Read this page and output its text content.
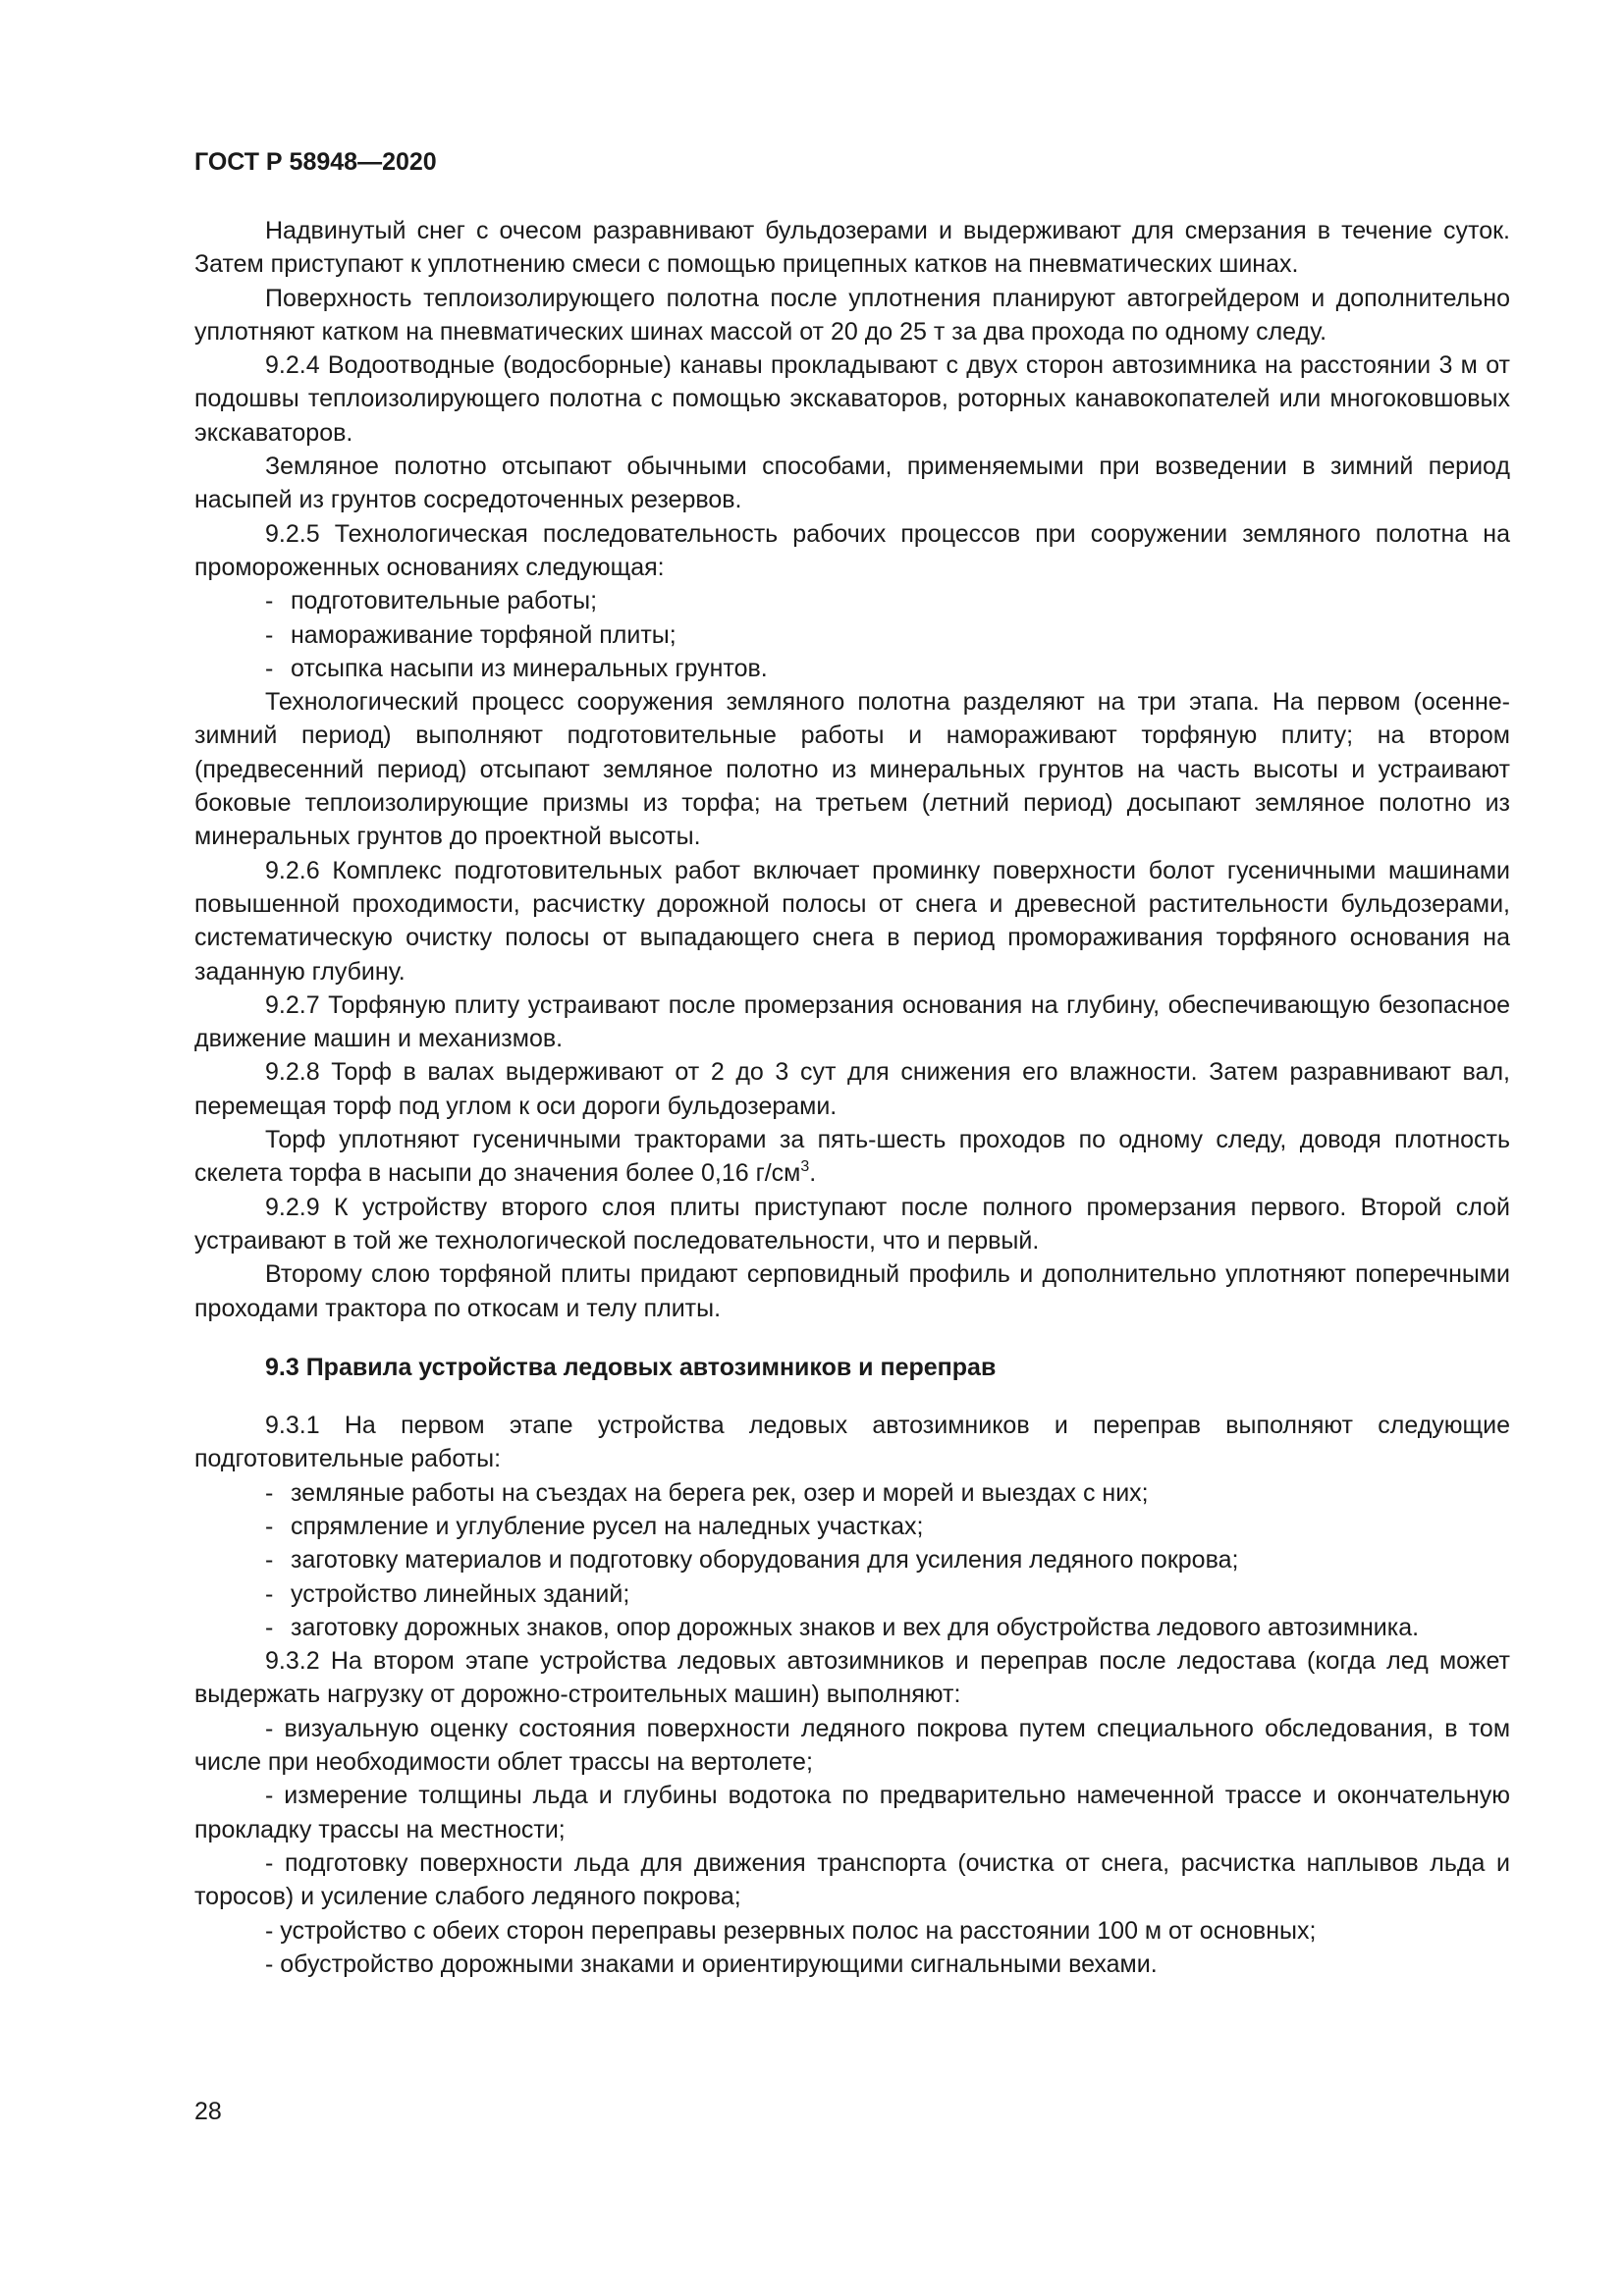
ГОСТ Р 58948—2020

Надвинутый снег с очесом разравнивают бульдозерами и выдерживают для смерзания в течение суток. Затем приступают к уплотнению смеси с помощью прицепных катков на пневматических шинах.

Поверхность теплоизолирующего полотна после уплотнения планируют автогрейдером и дополнительно уплотняют катком на пневматических шинах массой от 20 до 25 т за два прохода по одному следу.

9.2.4 Водоотводные (водосборные) канавы прокладывают с двух сторон автозимника на расстоянии 3 м от подошвы теплоизолирующего полотна с помощью экскаваторов, роторных канавокопателей или многоковшовых экскаваторов.

Земляное полотно отсыпают обычными способами, применяемыми при возведении в зимний период насыпей из грунтов сосредоточенных резервов.

9.2.5 Технологическая последовательность рабочих процессов при сооружении земляного полотна на промороженных основаниях следующая:

- подготовительные работы;

- намораживание торфяной плиты;

- отсыпка насыпи из минеральных грунтов.

Технологический процесс сооружения земляного полотна разделяют на три этапа. На первом (осенне-зимний период) выполняют подготовительные работы и намораживают торфяную плиту; на втором (предвесенний период) отсыпают земляное полотно из минеральных грунтов на часть высоты и устраивают боковые теплоизолирующие призмы из торфа; на третьем (летний период) досыпают земляное полотно из минеральных грунтов до проектной высоты.

9.2.6 Комплекс подготовительных работ включает проминку поверхности болот гусеничными машинами повышенной проходимости, расчистку дорожной полосы от снега и древесной растительности бульдозерами, систематическую очистку полосы от выпадающего снега в период промораживания торфяного основания на заданную глубину.

9.2.7 Торфяную плиту устраивают после промерзания основания на глубину, обеспечивающую безопасное движение машин и механизмов.

9.2.8 Торф в валах выдерживают от 2 до 3 сут для снижения его влажности. Затем разравнивают вал, перемещая торф под углом к оси дороги бульдозерами.

Торф уплотняют гусеничными тракторами за пять-шесть проходов по одному следу, доводя плотность скелета торфа в насыпи до значения более 0,16 $г/см^3$.

9.2.9 К устройству второго слоя плиты приступают после полного промерзания первого. Второй слой устраивают в той же технологической последовательности, что и первый.

Второму слою торфяной плиты придают серповидный профиль и дополнительно уплотняют поперечными проходами трактора по откосам и телу плиты.

9.3 Правила устройства ледовых автозимников и переправ

9.3.1 На первом этапе устройства ледовых автозимников и переправ выполняют следующие подготовительные работы:

- земляные работы на съездах на берега рек, озер и морей и выездах с них;

- спрямление и углубление русел на наледных участках;

- заготовку материалов и подготовку оборудования для усиления ледяного покрова;

- устройство линейных зданий;

- заготовку дорожных знаков, опор дорожных знаков и вех для обустройства ледового автозимника.

9.3.2 На втором этапе устройства ледовых автозимников и переправ после ледостава (когда лед может выдержать нагрузку от дорожно-строительных машин) выполняют:

- визуальную оценку состояния поверхности ледяного покрова путем специального обследования, в том числе при необходимости облет трассы на вертолете;

- измерение толщины льда и глубины водотока по предварительно намеченной трассе и окончательную прокладку трассы на местности;

- подготовку поверхности льда для движения транспорта (очистка от снега, расчистка наплывов льда и торосов) и усиление слабого ледяного покрова;

- устройство с обеих сторон переправы резервных полос на расстоянии 100 м от основных;

- обустройство дорожными знаками и ориентирующими сигнальными вехами.

28
